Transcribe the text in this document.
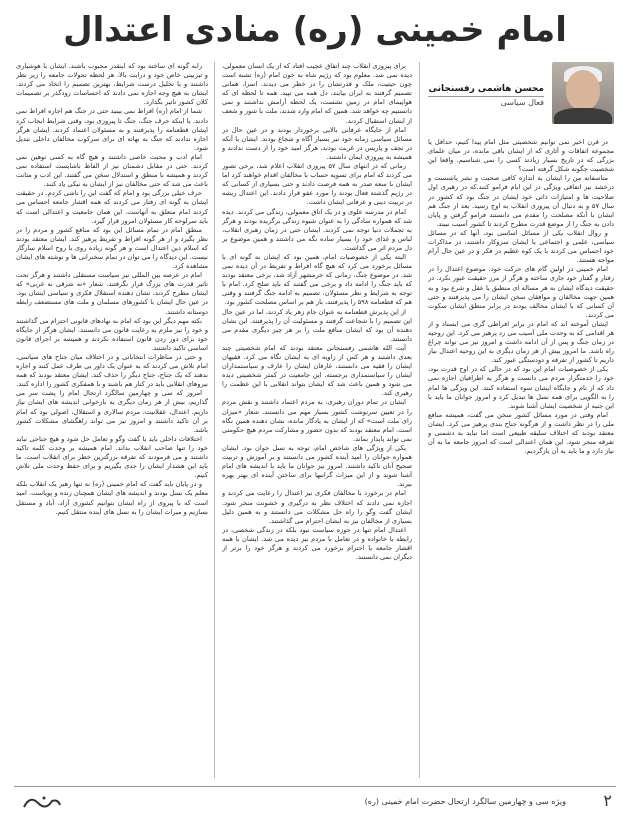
امام خمینی (ره) منادی اعتدال
محسن هاشمی رفسنجانی
فعال سیاسی

در قرن اخیر نمی توانیم شخصیتی مثل امام پیدا کنیم، حداقل یا مجموعه اتفاقات و آثاری که از ایشان باقی مانده، در میان علمای بزرگی که در تاریخ بسیار زیادند کسی را نمی شناسیم. واقعا این شخصیت چگونه شکل گرفته است؟

متاسفانه من را ایشان به اندازه کافی صحبت و نشر پاشنست و درخشد نیز اتفاقی ویژگی در این ایام فرامو کنند.که در رهبری اول صلاحیت ها و امتیازات ذاتی خود ایشان در جنگ بود که کشور در سال ۵۷ و به دنبال آن پیروزی انقلاب به اوج رسید. بعد از جنگ هم ایشان با آنکه مصلحت را مقدم می دانستند فرامو گرفتن و پایان دادن به جنگ را از موضع قدرت مطرح کردند تا کشور آسیب نبیند.

و روال انقلاب یکی از مسائل اساسی بود، آنها که در مسائل سیاسی، علمی و اجتماعی با ایشان سروکار داشتند، در مذاکرات خود احساس می کردند با یک کوه عظیم در فکر و در عین حال آرام مواجه هستند.

امام خمینی در اولین گام های حرکت خود، موضوع اعتدال را در رفتار و گفتار خود جاری ساخته و هرگز از مرز حقیقت عبور نکرد. در حقیقت دیدگاه ایشان به هر مساله ای منطبق با عقل و شرع بود و به همین جهت مخالفان و موافقان سخن ایشان را می پذیرفتند و حتی آن کسانی که با ایشان مخالف بودند در برابر منطق ایشان سکوت می کردند.

ایشان آموخته اند که امام در برابر افراطی گری می ایستاد و از هر اقدامی که به وحدت ملی آسیب می زد پرهیز می کرد. این روحیه در زمان جنگ و پس از آن ادامه داشت و امروز نیز می تواند چراغ راه باشد. ما امروز بیش از هر زمان دیگری به این روحیه اعتدال نیاز داریم تا کشور از تفرقه و دودستگی عبور کند.

یکی از خصوصیات امام این بود که در حالی که در اوج قدرت بود، خود را خدمتگزار مردم می دانست و هرگز به اطرافیان اجازه نمی داد که از نام و جایگاه ایشان سوء استفاده کنند. این ویژگی ها امام را به الگویی برای همه نسل ها تبدیل کرد و امروز جوانان ما باید با این جنبه از شخصیت ایشان آشنا شوند.

امام وقتی در مورد مسائل کشور سخن می گفت، همیشه منافع ملی را در نظر داشت و از هرگونه جناح بندی پرهیز می کرد. ایشان معتقد بودند که اختلاف سلیقه طبیعی است اما نباید به دشمنی و تفرقه منجر شود. این همان اعتدالی است که امروز جامعه ما به آن نیاز دارد و ما باید به آن بازگردیم.

برای پیروزی انقلاب چند اتفاق عجیب افتاد که از یک انسان معمولی، دیده نمی شد. معلوم بود که رژیم شاه به خون امام (ره) تشنه است چون حیثیت، ملک و قدرتشان را در خطر می دیدند. اسرا، همانی تصمیم گرفتند به ایران بیایند، دل همه می تپید. همه تا لحظه ای که هواپیمای امام در زمین نشست، یک لحظه آرامش نداشتند و نمی دانستیم چه خواهد شد. همین که امام وارد شدند، ملت با شور و شعف از ایشان استقبال کردند.

امام از جایگاه عرفانی بالایی برخوردار بودند و در عین حال در مسائل سیاسی زمانه خود نیز بسیار آگاه و شجاع بودند. ایشان با آنکه در نجف و پاریس در غربت بودند، هرگز امید خود را از دست ندادند و همیشه به پیروزی ایمان داشتند.

زمانی که در انتهای سال ۵۷ پیروزی انقلاب اعلام شد، برخی تصور می کردند که امام برای تسویه حساب با مخالفان اقدام خواهند کرد اما ایشان با سعه صدر به همه فرصت دادند و حتی بسیاری از کسانی که در رژیم گذشته فعال بودند را مورد عفو قرار دادند. این اعتدال ریشه در تربیت دینی و عرفانی ایشان داشت.

امام در مدرسه علوی و در یک اتاق معمولی، زندگی می کردند. دیده شد که همواره سادگی را به عنوان شیوه زندگی برگزیده بودند و هرگز به تجملات دنیا توجه نمی کردند. ایشان حتی در زمان رهبری انقلاب، لباس و غذای خود را بسیار ساده نگه می داشتند و همین موضوع بر دل مردم اثر می گذاشت.

البته یکی از خصوصیات امام، همین بود که ایشان به گونه ای با مسائل برخورد می کرد که هیچ گاه افراط و تفریط در آن دیده نمی شد. در موضوع جنگ، زمانی که خرمشهر آزاد شد، برخی معتقد بودند که باید جنگ را ادامه داد و برخی می گفتند که باید صلح کرد. امام با توجه به شرایط و نظر مسئولان، تصمیم به ادامه جنگ گرفتند و وقتی هم که قطعنامه ۵۹۸ را پذیرفتند، باز هم بر اساس مصلحت کشور بود.

از این پذیرش قطعنامه به عنوان جام زهر یاد کردند، اما در عین حال این تصمیم را با شجاعت گرفتند و مسئولیت آن را پذیرفتند. این نشان دهنده آن بود که ایشان منافع ملت را بر هر چیز دیگری مقدم می دانستند.

آیت الله هاشمی رفسنجانی معتقد بودند که امام شخصیتی چند بعدی داشتند و هر کس از زاویه ای به ایشان نگاه می کرد. فقیهان ایشان را فقیه می دانستند، عارفان ایشان را عارف و سیاستمداران ایشان را سیاستمداری برجسته. این جامعیت در کمتر شخصیتی دیده می شود و همین باعث شد که ایشان بتواند انقلابی با این عظمت را رهبری کند.

ایشان در تمام دوران رهبری، به مردم اعتماد داشتند و نقش مردم را در تعیین سرنوشت کشور بسیار مهم می دانستند. شعار «میزان رای ملت است» که از ایشان به یادگار مانده، نشان دهنده همین نگاه است. امام معتقد بودند که بدون حضور و مشارکت مردم هیچ حکومتی نمی تواند پایدار بماند.

یکی از ویژگی های شاخص امام، توجه به نسل جوان بود. ایشان همواره جوانان را امید آینده کشور می دانستند و بر آموزش و تربیت صحیح آنان تاکید داشتند. امروز نیز جوانان ما باید با اندیشه های امام آشنا شوند و از این میراث گرانبها برای ساختن آینده ای بهتر بهره ببرند.

امام در برخورد با مخالفان فکری نیز اعتدال را رعایت می کردند و اجازه نمی دادند که اختلاف نظر به درگیری و خشونت منجر شود. ایشان گفت وگو را راه حل مشکلات می دانستند و به همین دلیل بسیاری از مخالفان نیز به ایشان احترام می گذاشتند.

اعتدال امام تنها در حوزه سیاست نبود بلکه در زندگی شخصی، در رابطه با خانواده و در تعامل با مردم نیز دیده می شد. ایشان با همه اقشار جامعه با احترام برخورد می کردند و هرگز خود را برتر از دیگران نمی دانستند.

رابه گونه ای ساخته بود که اینقدر محبوب باشند. ایشان با هوشیاری و تیزبینی خاص خود و درایت بالا، هر لحظه تحولات جامعه را زیر نظر داشتند و با تحلیل درست شرایط، بهترین تصمیم را اتخاذ می کردند. ایشان به هیچ وجه اجازه نمی دادند که احساسات زودگذر بر تصمیمات کلان کشور تاثیر بگذارد.

شما از امام (ره) افراط نمی بینید حتی در جنگ هم اجازه افراط نمی دادند. با اینکه حرف جنگ، جنگ تا پیروزی بود، وقتی شرایط ایجاب کرد ایشان قطعنامه را پذیرفتند و به مسئولان اعتماد کردند. ایشان هرگز اجازه ندادند که جنگ به بهانه ای برای سرکوب مخالفان داخلی تبدیل شود.

امام ادب و محبت خاصی داشتند و هیچ گاه به کسی توهین نمی کردند. حتی در مقابل دشمنان نیز از الفاظ ناشایست استفاده نمی کردند و همیشه با منطق و استدلال سخن می گفتند. این ادب و متانت باعث می شد که حتی مخالفان نیز از ایشان به نیکی یاد کنند.

حرف خیلی بزرگی بود و امام که گفت این را ناشی کردم. در حقیقت ایشان به گونه ای رفتار می کردند که همه اقشار جامعه احساس می کردند امام متعلق به آنهاست. این همان جامعیت و اعتدالی است که باید سرلوحه کار مسئولان امروز قرار گیرد.

منطق امام در تمام مسائل این بود که منافع کشور و مردم را در نظر بگیرد و از هر گونه افراط و تفریط پرهیز کند. ایشان معتقد بودند که اسلام دین اعتدال است و هر گونه زیاده روی با روح اسلام سازگار نیست. این دیدگاه را می توان در تمام سخنرانی ها و نوشته های ایشان مشاهده کرد.

امام در عرصه بین المللی نیز سیاست مستقلی داشتند و هرگز تحت تاثیر قدرت های بزرگ قرار نگرفتند. شعار «نه شرقی نه غربی» که ایشان مطرح کردند، نشان دهنده استقلال فکری و سیاسی ایشان بود. در عین حال ایشان با کشورهای مسلمان و ملت های مستضعف رابطه دوستانه داشتند.

نکته مهم دیگر این بود که امام به نهادهای قانونی احترام می گذاشتند و خود را نیز ملزم به رعایت قانون می دانستند. ایشان هرگز از جایگاه خود برای دور زدن قانون استفاده نکردند و همیشه بر اجرای قانون اساسی تاکید داشتند.

و حتی در مناظرات انتخاباتی و در اختلاف میان جناح های سیاسی، امام تلاش می کردند که به عنوان یک داور بی طرف عمل کنند و اجازه ندهند که یک جناح، جناح دیگر را حذف کند. ایشان معتقد بودند که همه نیروهای انقلابی باید در کنار هم باشند و با همفکری کشور را اداره کنند.

امروز که سی و چهارمین سالگرد ارتحال امام را پشت سر می گذاریم، بیش از هر زمان دیگری به بازخوانی اندیشه های ایشان نیاز داریم. اعتدال، عقلانیت، مردم سالاری و استقلال، اصولی بود که امام بر آن تاکید داشتند و امروز نیز می تواند راهگشای مشکلات کشور باشد.

اختلافات داخلی باید با گفت وگو و تعامل حل شود و هیچ جناحی نباید خود را تنها صاحب انقلاب بداند. امام همیشه بر وحدت کلمه تاکید داشتند و می فرمودند که تفرقه بزرگترین خطر برای انقلاب است. ما باید این هشدار ایشان را جدی بگیریم و برای حفظ وحدت ملی تلاش کنیم.

و در پایان باید گفت که امام خمینی (ره) نه تنها رهبر یک انقلاب بلکه معلم یک نسل بودند و اندیشه های ایشان همچنان زنده و پویاست. امید است که با پیروی از راه ایشان بتوانیم کشوری آزاد، آباد و مستقل بسازیم و میراث ایشان را به نسل های آینده منتقل کنیم.

۲
ویژه سی و چهارمین سالگرد ارتحال حضرت امام خمینی (ره)
